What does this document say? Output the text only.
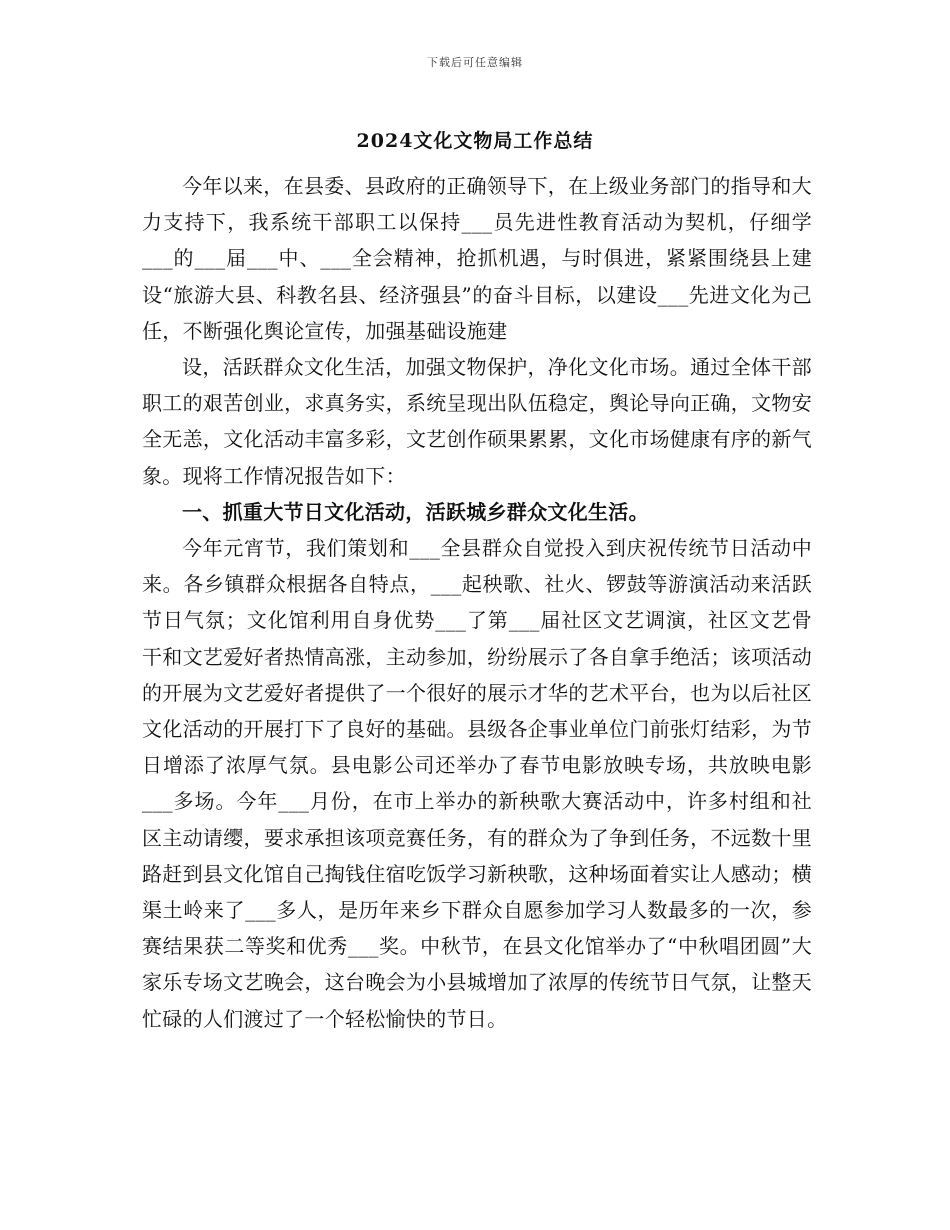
下载后可任意编辑
2024文化文物局工作总结

今年以来，在县委、县政府的正确领导下，在上级业务部门的指导和大力支持下，我系统干部职工以保持___员先进性教育活动为契机，仔细学___的___届___中、___全会精神，抢抓机遇，与时俱进，紧紧围绕县上建设“旅游大县、科教名县、经济强县”的奋斗目标，以建设___先进文化为己任，不断强化舆论宣传，加强基础设施建

设，活跃群众文化生活，加强文物保护，净化文化市场。通过全体干部职工的艰苦创业，求真务实，系统呈现出队伍稳定，舆论导向正确，文物安全无恙，文化活动丰富多彩，文艺创作硕果累累，文化市场健康有序的新气象。现将工作情况报告如下：

一、抓重大节日文化活动，活跃城乡群众文化生活。

今年元宵节，我们策划和___全县群众自觉投入到庆祝传统节日活动中来。各乡镇群众根据各自特点，___起秧歌、社火、锣鼓等游演活动来活跃节日气氛；文化馆利用自身优势___了第___届社区文艺调演，社区文艺骨干和文艺爱好者热情高涨，主动参加，纷纷展示了各自拿手绝活；该项活动的开展为文艺爱好者提供了一个很好的展示才华的艺术平台，也为以后社区文化活动的开展打下了良好的基础。县级各企事业单位门前张灯结彩，为节日增添了浓厚气氛。县电影公司还举办了春节电影放映专场，共放映电影___多场。今年___月份，在市上举办的新秧歌大赛活动中，许多村组和社区主动请缨，要求承担该项竞赛任务，有的群众为了争到任务，不远数十里路赶到县文化馆自己掏钱住宿吃饭学习新秧歌，这种场面着实让人感动；横渠土岭来了___多人，是历年来乡下群众自愿参加学习人数最多的一次，参赛结果获二等奖和优秀___奖。中秋节，在县文化馆举办了“中秋唱团圆”大家乐专场文艺晚会，这台晚会为小县城增加了浓厚的传统节日气氛，让整天忙碌的人们渡过了一个轻松愉快的节日。
